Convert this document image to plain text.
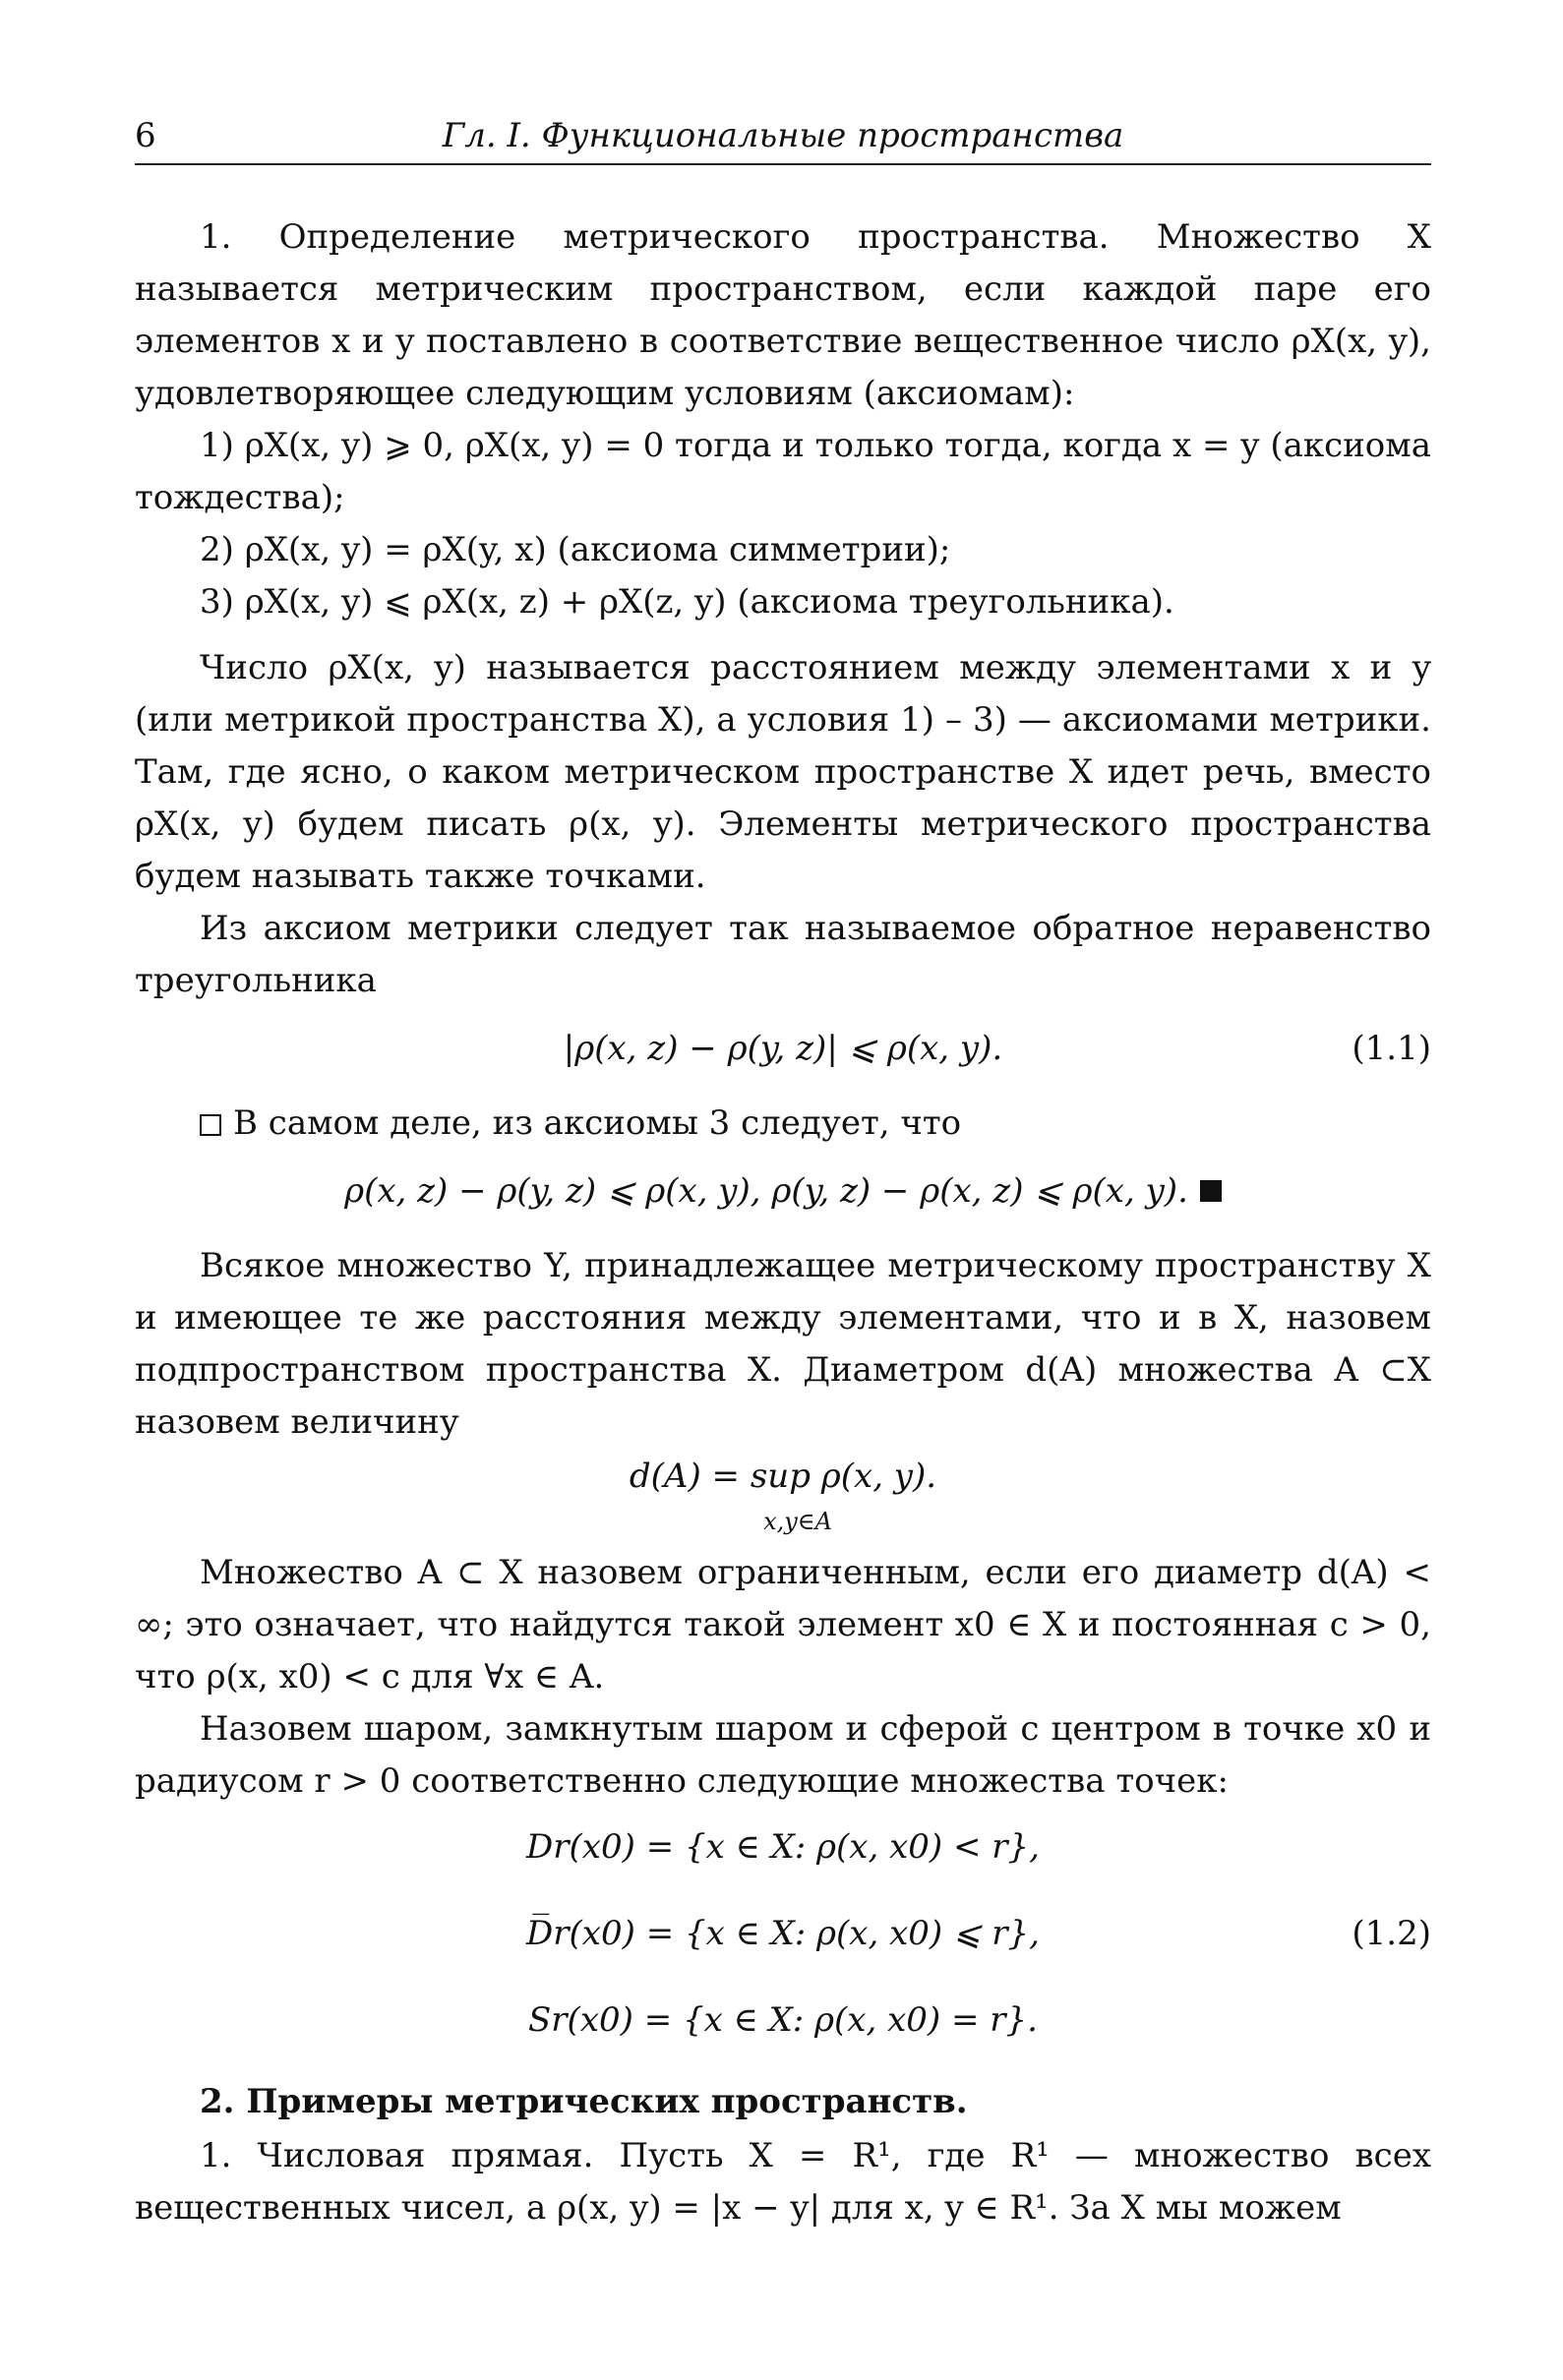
6	Гл. I. Функциональные пространства

1. Определение метрического пространства. Множество X называется метрическим пространством, если каждой паре его элементов x и y поставлено в соответствие вещественное число ρX(x, y), удовлетворяющее следующим условиям (аксиомам):

1) ρX(x, y) ⩾ 0, ρX(x, y) = 0 тогда и только тогда, когда x = y (аксиома тождества);

2) ρX(x, y) = ρX(y, x) (аксиома симметрии);

3) ρX(x, y) ⩽ ρX(x, z) + ρX(z, y) (аксиома треугольника).

Число ρX(x, y) называется расстоянием между элементами x и y (или метрикой пространства X), а условия 1) – 3) — аксиомами метрики. Там, где ясно, о каком метрическом пространстве X идет речь, вместо ρX(x, y) будем писать ρ(x, y). Элементы метрического пространства будем называть также точками.

Из аксиом метрики следует так называемое обратное неравенство треугольника

|ρ(x, z) − ρ(y, z)| ⩽ ρ(x, y).	(1.1)

В самом деле, из аксиомы 3 следует, что

ρ(x, z) − ρ(y, z) ⩽ ρ(x, y), ρ(y, z) − ρ(x, z) ⩽ ρ(x, y).

Всякое множество Y, принадлежащее метрическому пространству X и имеющее те же расстояния между элементами, что и в X, назовем подпространством пространства X. Диаметром d(A) множества A ⊂X назовем величину

d(A) = sup ρ(x, y).
x,y∈A

Множество A ⊂ X назовем ограниченным, если его диаметр d(A) < ∞; это означает, что найдутся такой элемент x0 ∈ X и постоянная c > 0, что ρ(x, x0) < c для ∀x ∈ A.

Назовем шаром, замкнутым шаром и сферой с центром в точке x0 и радиусом r > 0 соответственно следующие множества точек:

Dr(x0) = {x ∈ X: ρ(x, x0) < r},
D̅r(x0) = {x ∈ X: ρ(x, x0) ⩽ r},
Sr(x0) = {x ∈ X: ρ(x, x0) = r}.
(1.2)
2. Примеры метрических пространств.

1. Числовая прямая. Пусть X = R¹, где R¹ — множество всех вещественных чисел, а ρ(x, y) = |x − y| для x, y ∈ R¹. За X мы можем
